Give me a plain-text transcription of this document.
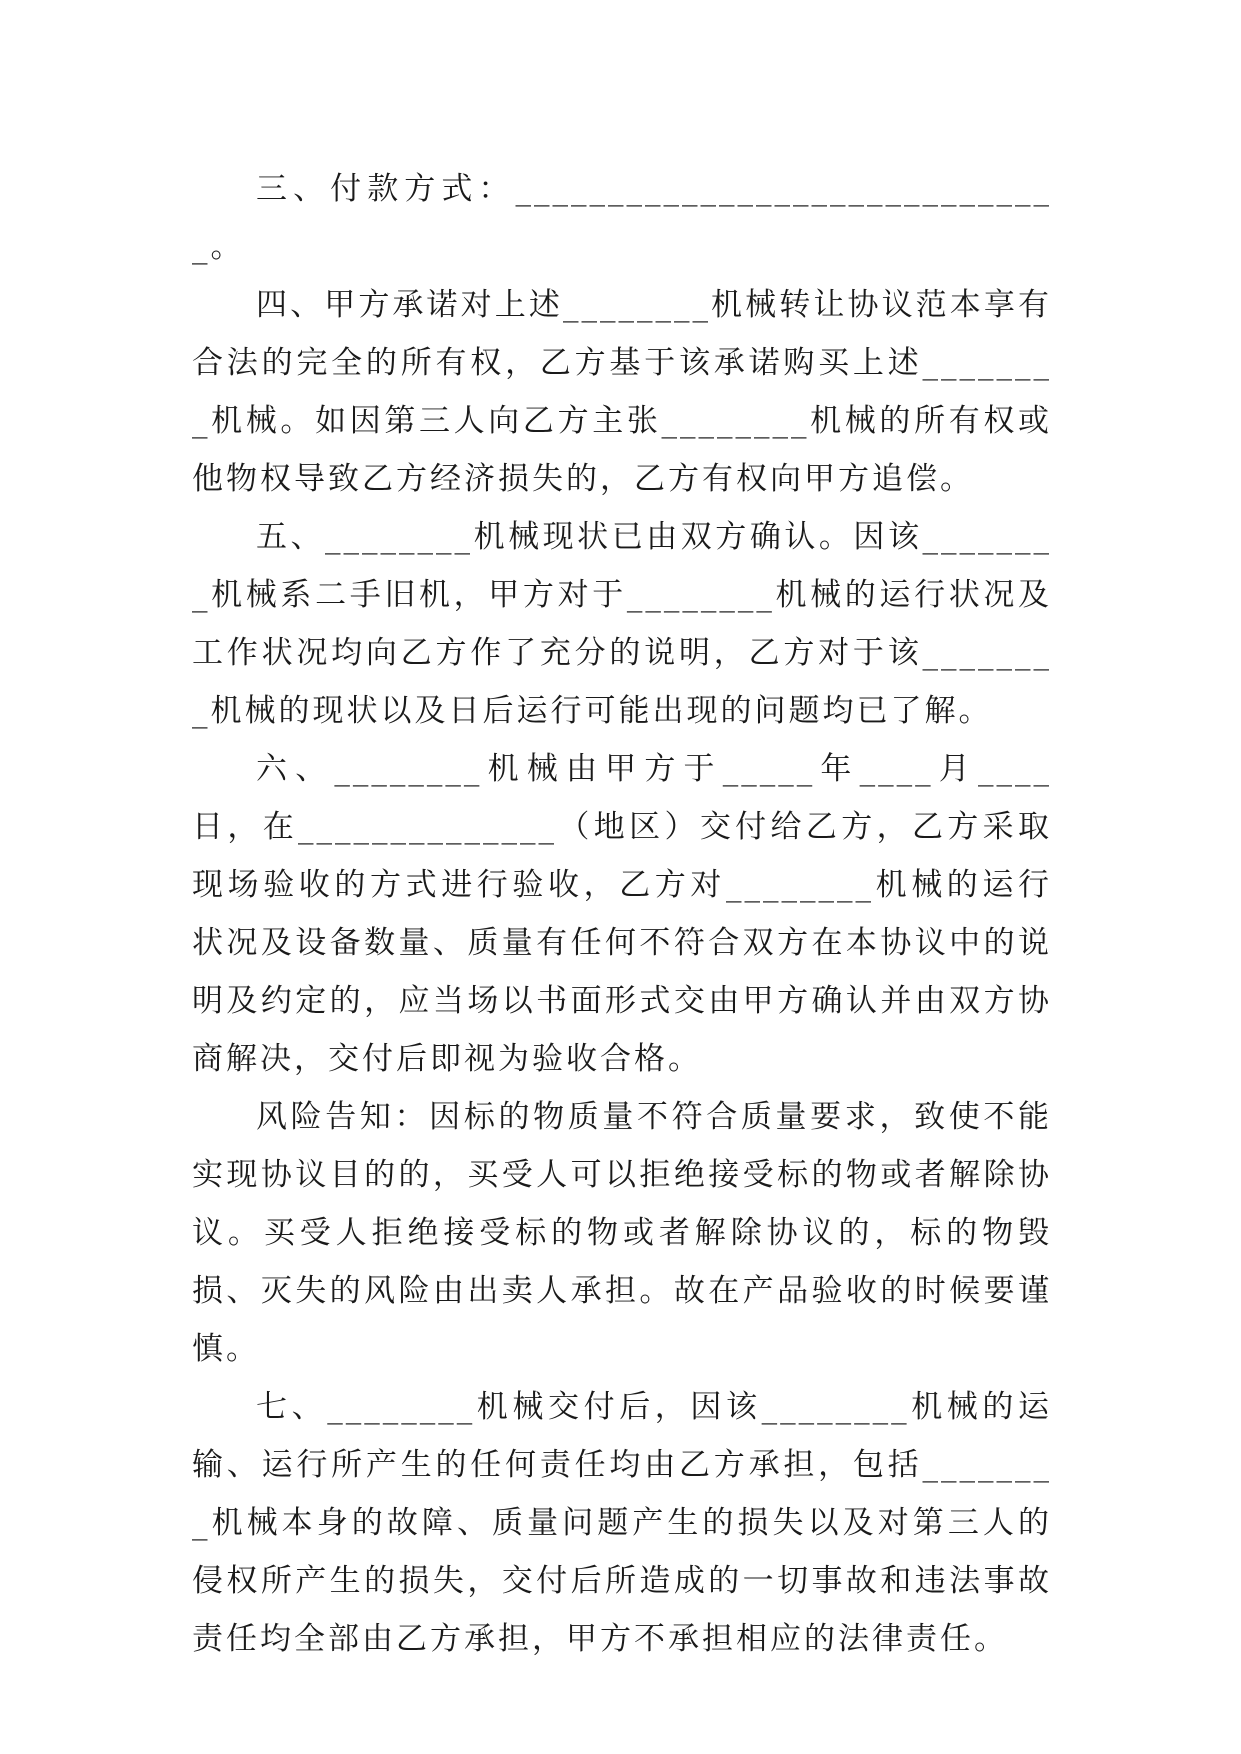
三、付款方式：______________________________。

四、甲方承诺对上述________机械转让协议范本享有合法的完全的所有权，乙方基于该承诺购买上述________机械。如因第三人向乙方主张________机械的所有权或他物权导致乙方经济损失的，乙方有权向甲方追偿。

五、________机械现状已由双方确认。因该________机械系二手旧机，甲方对于________机械的运行状况及工作状况均向乙方作了充分的说明，乙方对于该________机械的现状以及日后运行可能出现的问题均已了解。

六、________机械由甲方于_____年____月____日，在______________（地区）交付给乙方，乙方采取现场验收的方式进行验收，乙方对________机械的运行状况及设备数量、质量有任何不符合双方在本协议中的说明及约定的，应当场以书面形式交由甲方确认并由双方协商解决，交付后即视为验收合格。

风险告知：因标的物质量不符合质量要求，致使不能实现协议目的的，买受人可以拒绝接受标的物或者解除协议。买受人拒绝接受标的物或者解除协议的，标的物毁损、灭失的风险由出卖人承担。故在产品验收的时候要谨慎。

七、________机械交付后，因该________机械的运输、运行所产生的任何责任均由乙方承担，包括________机械本身的故障、质量问题产生的损失以及对第三人的侵权所产生的损失，交付后所造成的一切事故和违法事故责任均全部由乙方承担，甲方不承担相应的法律责任。
